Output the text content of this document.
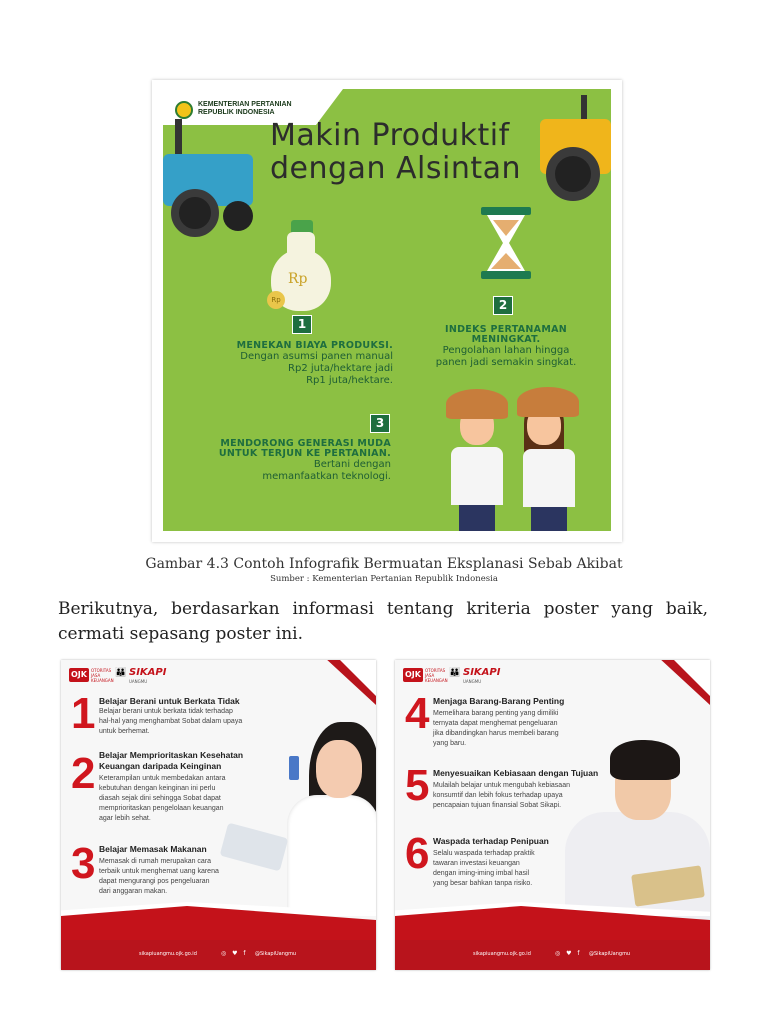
KEMENTERIAN PERTANIAN
REPUBLIK INDONESIA
Makin Produktif
dengan Alsintan
Rp
Rp
1
MENEKAN BIAYA PRODUKSI.
Dengan asumsi panen manual
Rp2 juta/hektare jadi
Rp1 juta/hektare.
2
INDEKS PERTANAMAN
MENINGKAT.
Pengolahan lahan hingga
panen jadi semakin singkat.
3
MENDORONG GENERASI MUDA
UNTUK TERJUN KE PERTANIAN.
Bertani dengan
memanfaatkan teknologi.
Gambar 4.3 Contoh Infografik Bermuatan Eksplanasi Sebab Akibat
Sumber : Kementerian Pertanian Republik Indonesia
Berikutnya, berdasarkan informasi tentang kriteria poster yang baik, cermati sepasang poster ini.
OJK	OTORITAS
JASA
KEUANGAN
👪 SIKAPI
UANGMU
1 Belajar Berani untuk Berkata Tidak
Belajar berani untuk berkata tidak terhadap
hal-hal yang menghambat Sobat dalam upaya
untuk berhemat.
2 Belajar Memprioritaskan Kesehatan
Keuangan daripada Keinginan
Keterampilan untuk membedakan antara
kebutuhan dengan keinginan ini perlu
diasah sejak dini sehingga Sobat dapat
memprioritaskan pengelolaan keuangan
agar lebih sehat.
3 Belajar Memasak Makanan
Memasak di rumah merupakan cara
terbaik untuk menghemat uang karena
dapat mengurangi pos pengeluaran
dari anggaran makan.
sikapiuangmu.ojk.go.id	◎ ♥ f @SikapiUangmu
OJK	OTORITAS
JASA
KEUANGAN
👪 SIKAPI
UANGMU
4 Menjaga Barang-Barang Penting
Memelihara barang penting yang dimiliki
ternyata dapat menghemat pengeluaran
jika dibandingkan harus membeli barang
yang baru.
5 Menyesuaikan Kebiasaan dengan Tujuan
Mulailah belajar untuk mengubah kebiasaan
konsumtif dan lebih fokus terhadap upaya
pencapaian tujuan finansial Sobat Sikapi.
6 Waspada terhadap Penipuan
Selalu waspada terhadap praktik
tawaran investasi keuangan
dengan iming-iming imbal hasil
yang besar bahkan tanpa risiko.
sikapiuangmu.ojk.go.id	◎ ♥ f @SikapiUangmu
